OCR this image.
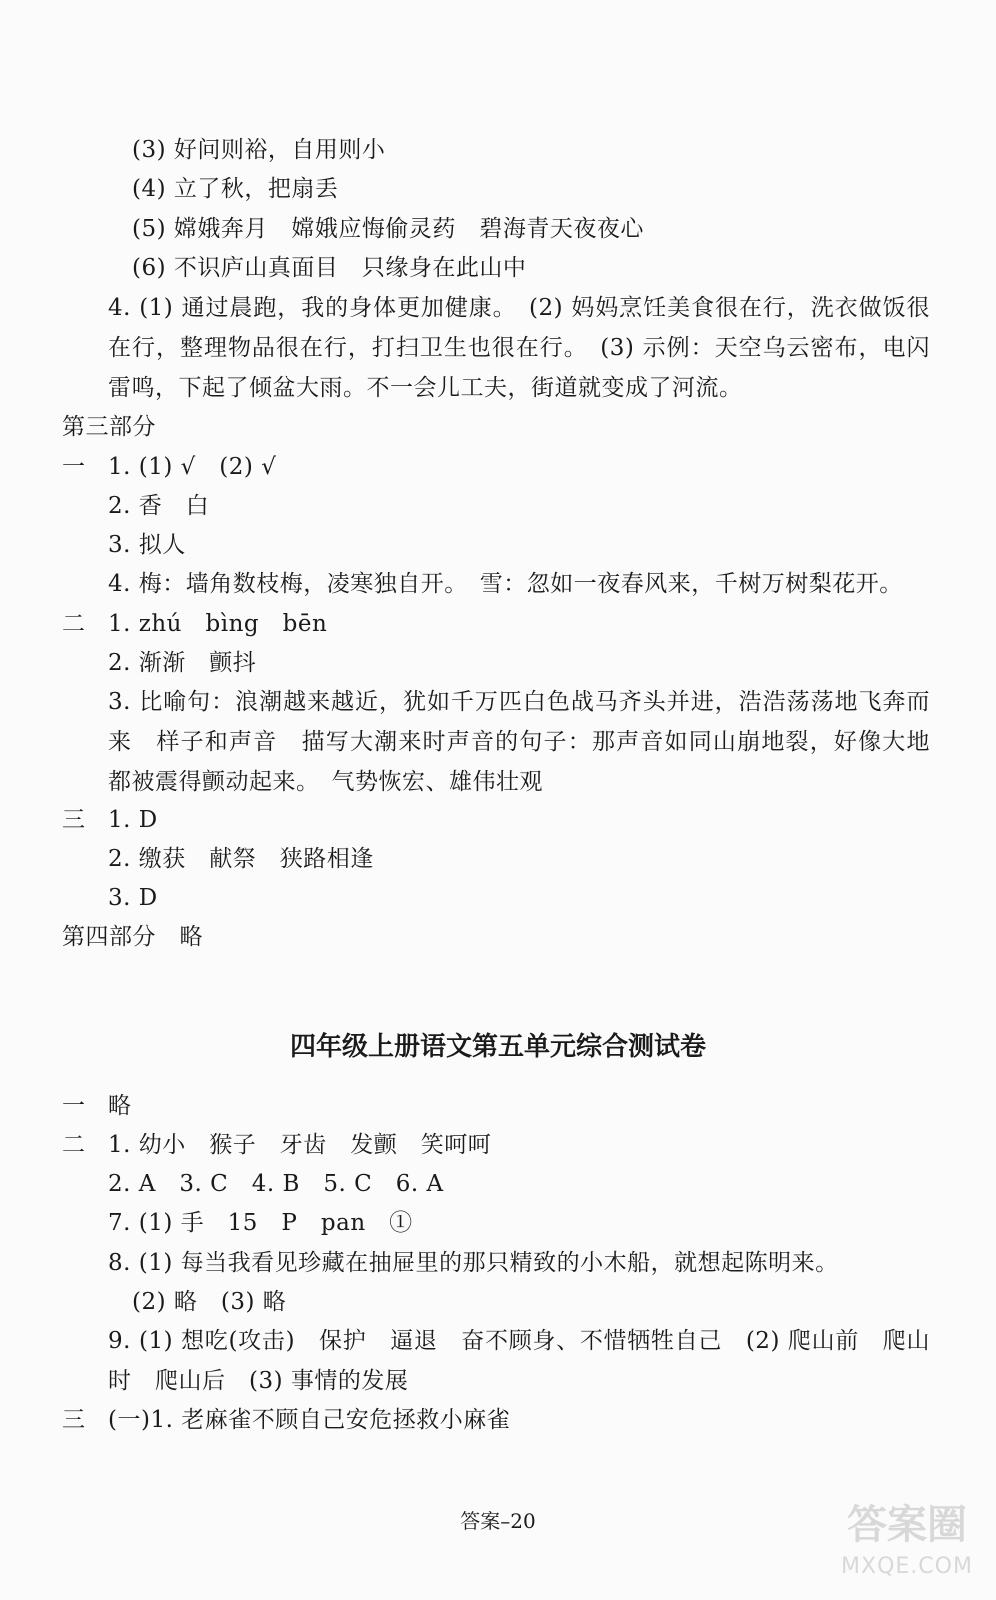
(3) 好问则裕，自用则小
(4) 立了秋，把扇丢
(5) 嫦娥奔月　嫦娥应悔偷灵药　碧海青天夜夜心
(6) 不识庐山真面目　只缘身在此山中
4. (1) 通过晨跑，我的身体更加健康。　(2) 妈妈烹饪美食很在行，洗衣做饭很在行，整理物品很在行，打扫卫生也很在行。　(3) 示例：天空乌云密布，电闪雷鸣，下起了倾盆大雨。不一会儿工夫，街道就变成了河流。
第三部分
一 1. (1) √　(2) √
2. 香　白
3. 拟人
4. 梅：墙角数枝梅，凌寒独自开。　雪：忽如一夜春风来，千树万树梨花开。
二 1. zhú　bìng　bēn
2. 渐渐　颤抖
3. 比喻句：浪潮越来越近，犹如千万匹白色战马齐头并进，浩浩荡荡地飞奔而来　样子和声音　描写大潮来时声音的句子：那声音如同山崩地裂，好像大地都被震得颤动起来。　气势恢宏、雄伟壮观
三 1. D
2. 缴获　献祭　狭路相逢
3. D
第四部分　略
四年级上册语文第五单元综合测试卷
一 略
二 1. 幼小　猴子　牙齿　发颤　笑呵呵
2. A　3. C　4. B　5. C　6. A
7. (1) 手　15　P　pan　①
8. (1) 每当我看见珍藏在抽屉里的那只精致的小木船，就想起陈明来。
(2) 略　(3) 略
9. (1) 想吃(攻击)　保护　逼退　奋不顾身、不惜牺牲自己　(2) 爬山前　爬山时　爬山后　(3) 事情的发展
三 (一)1. 老麻雀不顾自己安危拯救小麻雀
答案–20	答案圈
MXQE.COM
